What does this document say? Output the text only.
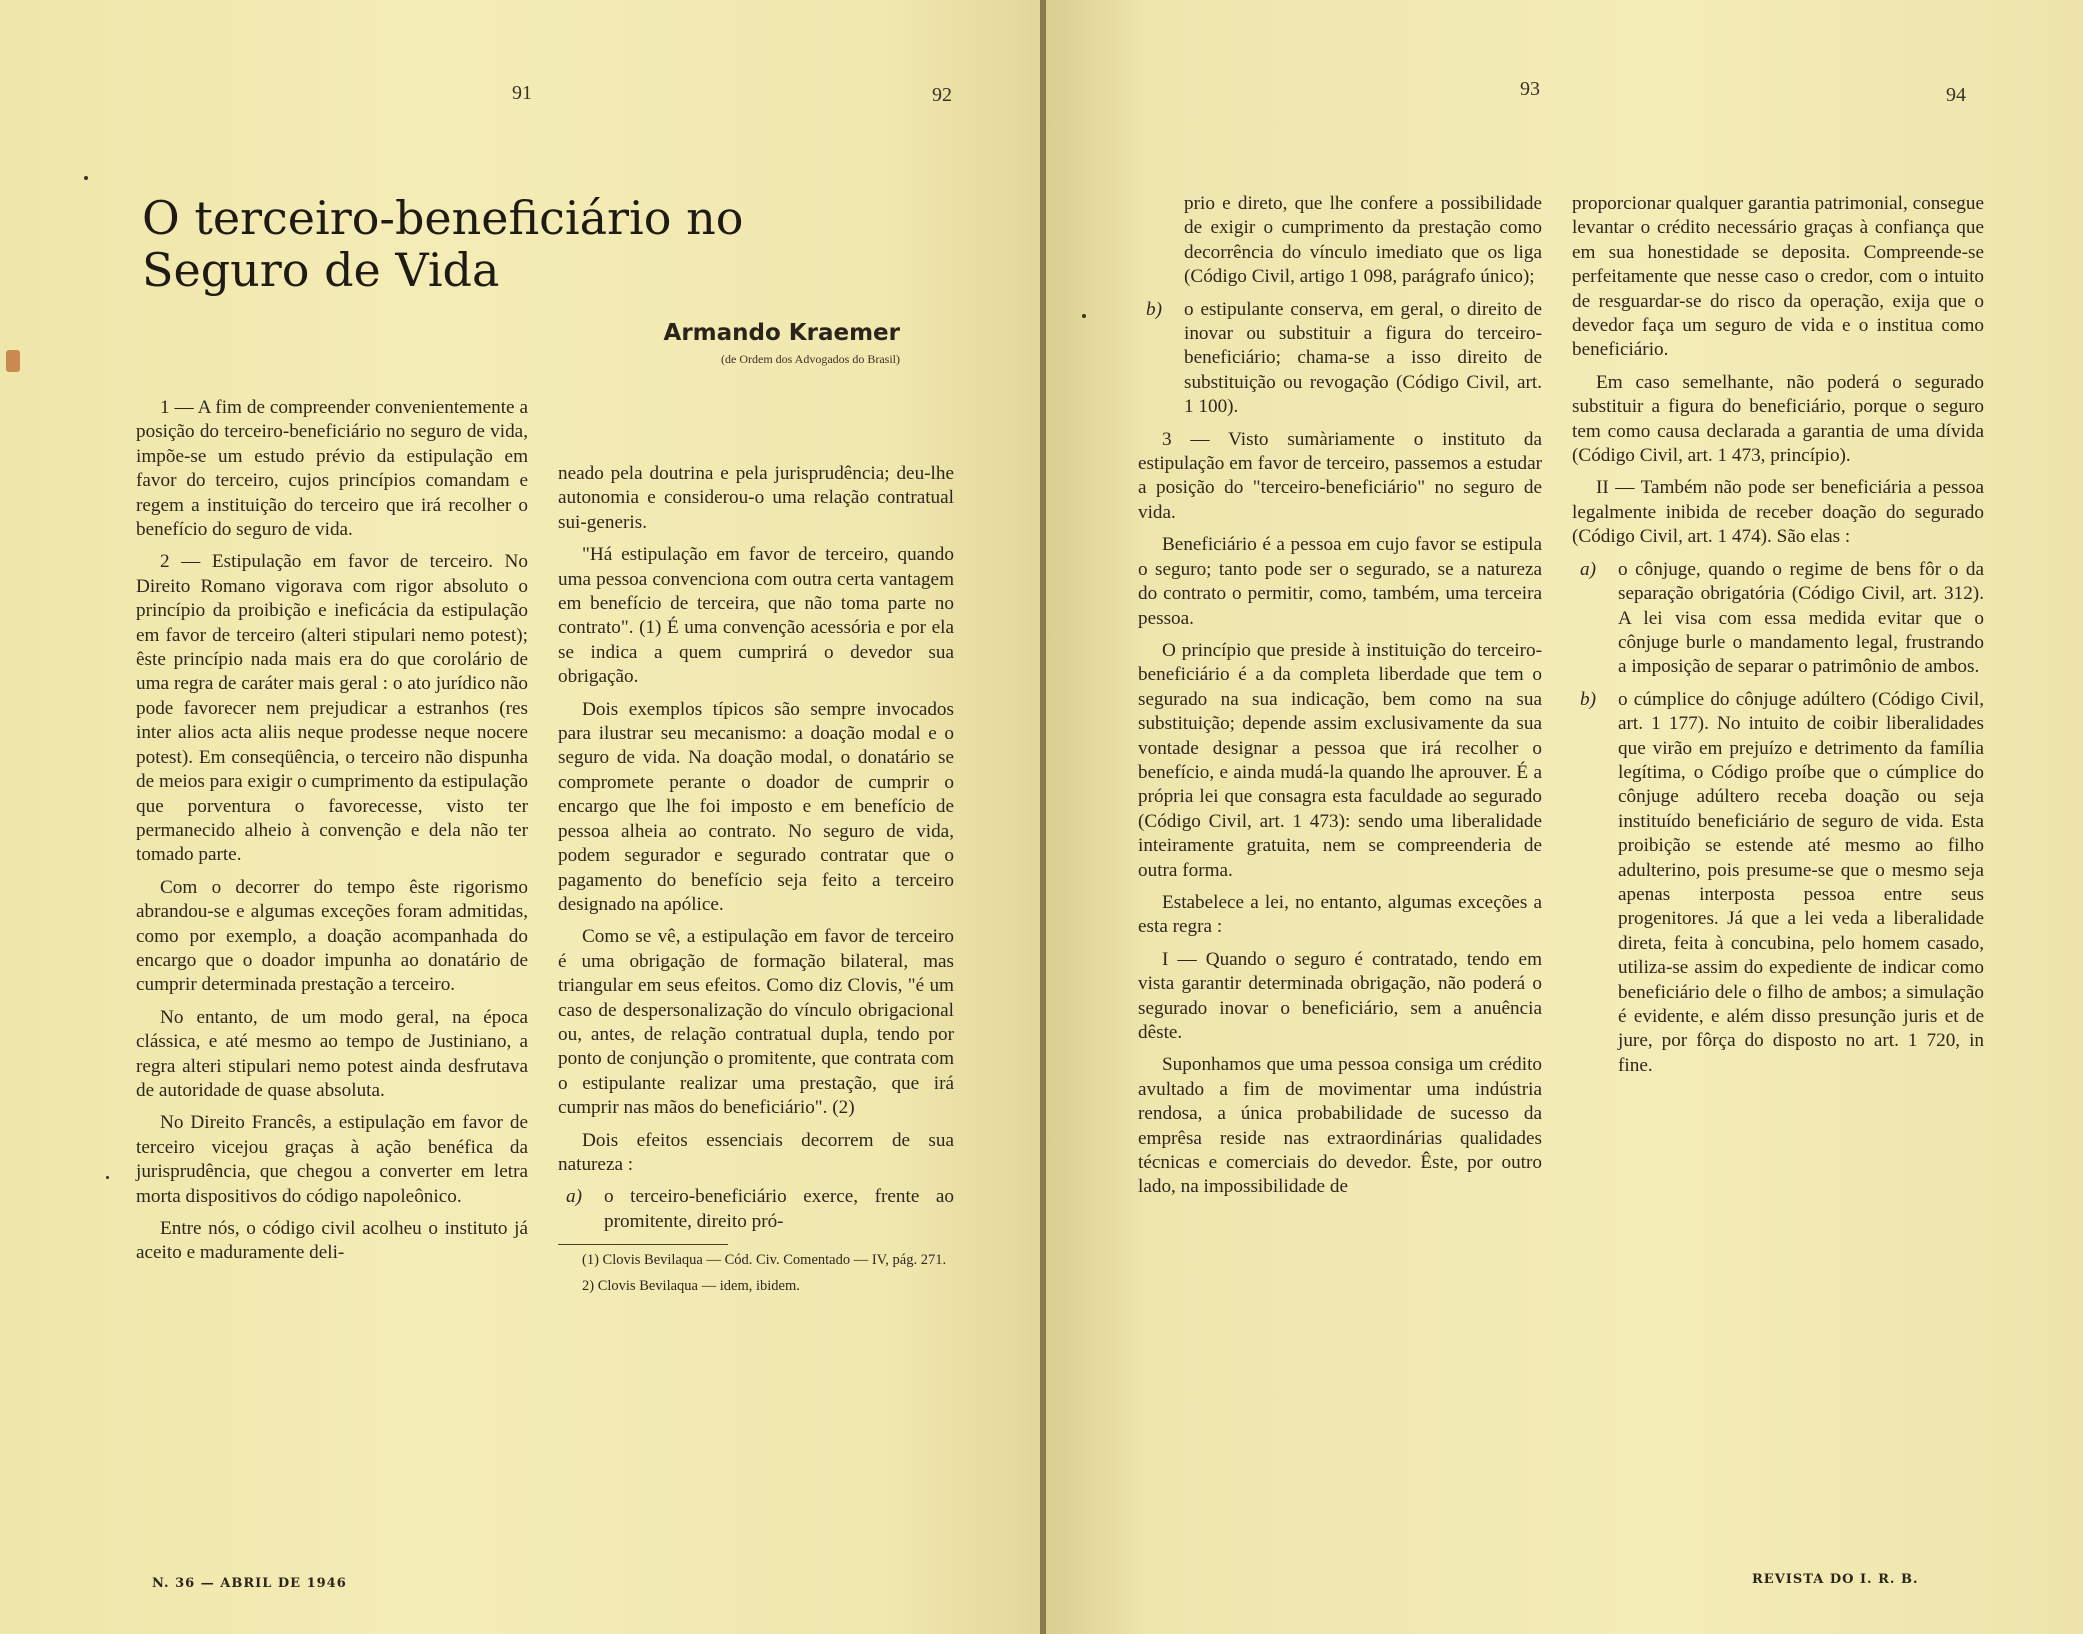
91	92
O terceiro-beneficiário no
Seguro de Vida
Armando Kraemer
(de Ordem dos Advogados do Brasil)

1 — A fim de compreender convenientemente a posição do terceiro-beneficiário no seguro de vida, impõe-se um estudo prévio da estipulação em favor do terceiro, cujos princípios comandam e regem a instituição do terceiro que irá recolher o benefício do seguro de vida.

2 — Estipulação em favor de terceiro. No Direito Romano vigorava com rigor absoluto o princípio da proibição e ineficácia da estipulação em favor de terceiro (alteri stipulari nemo potest); êste princípio nada mais era do que corolário de uma regra de caráter mais geral : o ato jurídico não pode favorecer nem prejudicar a estranhos (res inter alios acta aliis neque prodesse neque nocere potest). Em conseqüência, o terceiro não dispunha de meios para exigir o cumprimento da estipulação que porventura o favorecesse, visto ter permanecido alheio à convenção e dela não ter tomado parte.

Com o decorrer do tempo êste rigorismo abrandou-se e algumas exceções foram admitidas, como por exemplo, a doação acompanhada do encargo que o doador impunha ao donatário de cumprir determinada prestação a terceiro.

No entanto, de um modo geral, na época clássica, e até mesmo ao tempo de Justiniano, a regra alteri stipulari nemo potest ainda desfrutava de autoridade de quase absoluta.

No Direito Francês, a estipulação em favor de terceiro vicejou graças à ação benéfica da jurisprudência, que chegou a converter em letra morta dispositivos do código napoleônico.

Entre nós, o código civil acolheu o instituto já aceito e maduramente deli-

neado pela doutrina e pela jurisprudência; deu-lhe autonomia e considerou-o uma relação contratual sui-generis.

"Há estipulação em favor de terceiro, quando uma pessoa convenciona com outra certa vantagem em benefício de terceira, que não toma parte no contrato". (1) É uma convenção acessória e por ela se indica a quem cumprirá o devedor sua obrigação.

Dois exemplos típicos são sempre invocados para ilustrar seu mecanismo: a doação modal e o seguro de vida. Na doação modal, o donatário se compromete perante o doador de cumprir o encargo que lhe foi imposto e em benefício de pessoa alheia ao contrato. No seguro de vida, podem segurador e segurado contratar que o pagamento do benefício seja feito a terceiro designado na apólice.

Como se vê, a estipulação em favor de terceiro é uma obrigação de formação bilateral, mas triangular em seus efeitos. Como diz Clovis, "é um caso de despersonalização do vínculo obrigacional ou, antes, de relação contratual dupla, tendo por ponto de conjunção o promitente, que contrata com o estipulante realizar uma prestação, que irá cumprir nas mãos do beneficiário". (2)

Dois efeitos essenciais decorrem de sua natureza :

a)	o terceiro-beneficiário exerce, frente ao promitente, direito pró-

(1) Clovis Bevilaqua — Cód. Civ. Comentado — IV, pág. 271.

2) Clovis Bevilaqua — idem, ibidem.

N. 36 — ABRIL DE 1946
93	94
prio e direto, que lhe confere a possibilidade de exigir o cumprimento da prestação como decorrência do vínculo imediato que os liga (Código Civil, artigo 1 098, parágrafo único);
b)	o estipulante conserva, em geral, o direito de inovar ou substituir a figura do terceiro-beneficiário; chama-se a isso direito de substituição ou revogação (Código Civil, art. 1 100).

3 — Visto sumàriamente o instituto da estipulação em favor de terceiro, passemos a estudar a posição do "terceiro-beneficiário" no seguro de vida.

Beneficiário é a pessoa em cujo favor se estipula o seguro; tanto pode ser o segurado, se a natureza do contrato o permitir, como, também, uma terceira pessoa.

O princípio que preside à instituição do terceiro-beneficiário é a da completa liberdade que tem o segurado na sua indicação, bem como na sua substituição; depende assim exclusivamente da sua vontade designar a pessoa que irá recolher o benefício, e ainda mudá-la quando lhe aprouver. É a própria lei que consagra esta faculdade ao segurado (Código Civil, art. 1 473): sendo uma liberalidade inteiramente gratuita, nem se compreenderia de outra forma.

Estabelece a lei, no entanto, algumas exceções a esta regra :

I — Quando o seguro é contratado, tendo em vista garantir determinada obrigação, não poderá o segurado inovar o beneficiário, sem a anuência dêste.

Suponhamos que uma pessoa consiga um crédito avultado a fim de movimentar uma indústria rendosa, a única probabilidade de sucesso da emprêsa reside nas extraordinárias qualidades técnicas e comerciais do devedor. Êste, por outro lado, na impossibilidade de

proporcionar qualquer garantia patrimonial, consegue levantar o crédito necessário graças à confiança que em sua honestidade se deposita. Compreende-se perfeitamente que nesse caso o credor, com o intuito de resguardar-se do risco da operação, exija que o devedor faça um seguro de vida e o institua como beneficiário.

Em caso semelhante, não poderá o segurado substituir a figura do beneficiário, porque o seguro tem como causa declarada a garantia de uma dívida (Código Civil, art. 1 473, princípio).

II — Também não pode ser beneficiária a pessoa legalmente inibida de receber doação do segurado (Código Civil, art. 1 474). São elas :

a)	o cônjuge, quando o regime de bens fôr o da separação obrigatória (Código Civil, art. 312). A lei visa com essa medida evitar que o cônjuge burle o mandamento legal, frustrando a imposição de separar o patrimônio de ambos.
b)	o cúmplice do cônjuge adúltero (Código Civil, art. 1 177). No intuito de coibir liberalidades que virão em prejuízo e detrimento da família legítima, o Código proíbe que o cúmplice do cônjuge adúltero receba doação ou seja instituído beneficiário de seguro de vida. Esta proibição se estende até mesmo ao filho adulterino, pois presume-se que o mesmo seja apenas interposta pessoa entre seus progenitores. Já que a lei veda a liberalidade direta, feita à concubina, pelo homem casado, utiliza-se assim do expediente de indicar como beneficiário dele o filho de ambos; a simulação é evidente, e além disso presunção juris et de jure, por fôrça do disposto no art. 1 720, in fine.
REVISTA DO I. R. B.
